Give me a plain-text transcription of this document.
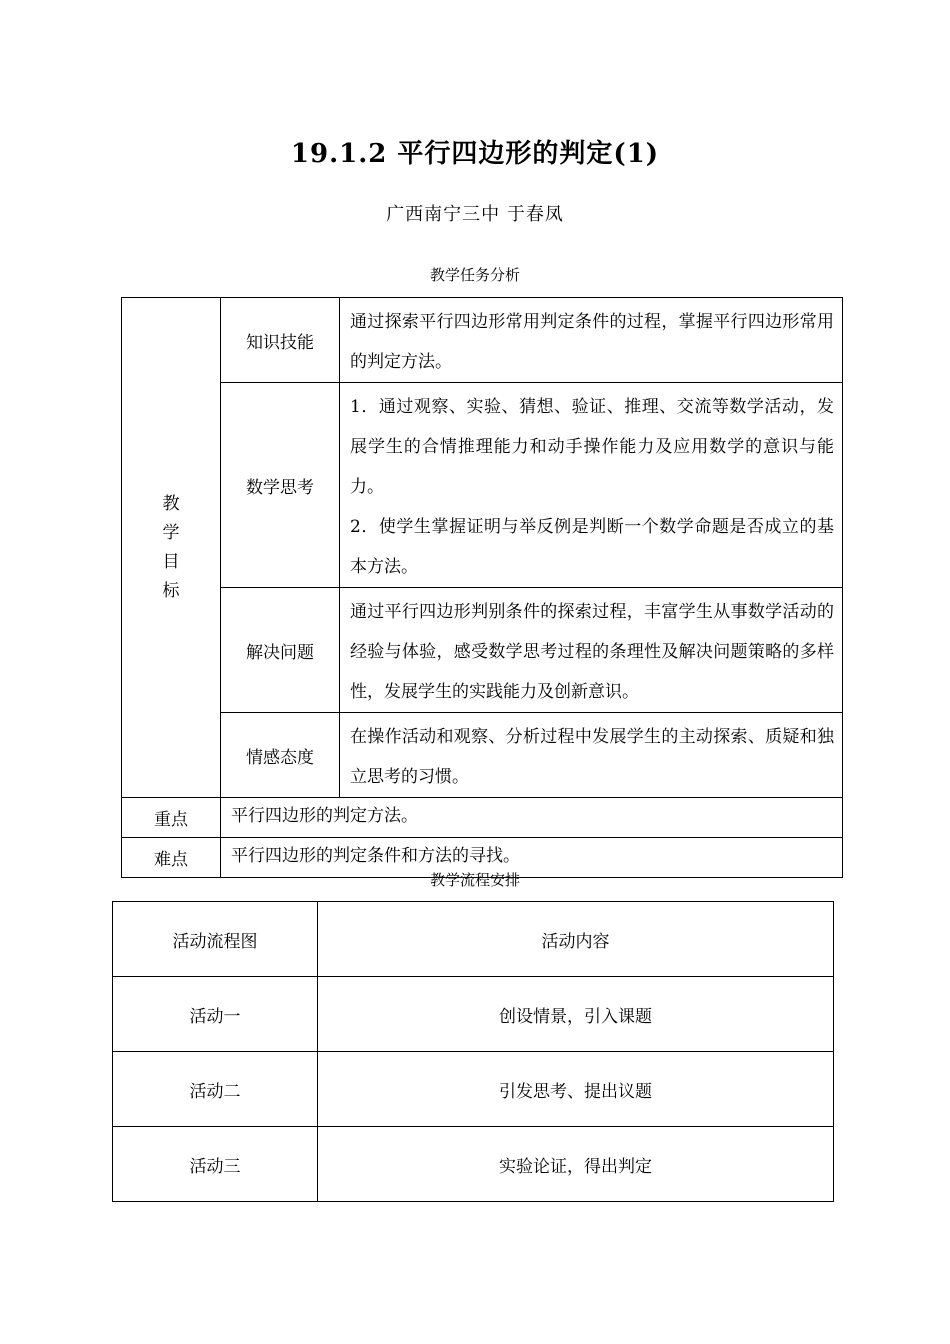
19.1.2 平行四边形的判定(1)
广西南宁三中 于春凤
教学任务分析
教
学
目
标	知识技能	通过探索平行四边形常用判定条件的过程，掌握平行四边形常用的判定方法。
	数学思考	1．通过观察、实验、猜想、验证、推理、交流等数学活动，发展学生的合情推理能力和动手操作能力及应用数学的意识与能力。
2．使学生掌握证明与举反例是判断一个数学命题是否成立的基本方法。

	解决问题	通过平行四边形判别条件的探索过程，丰富学生从事数学活动的经验与体验，感受数学思考过程的条理性及解决问题策略的多样性，发展学生的实践能力及创新意识。
	情感态度	在操作活动和观察、分析过程中发展学生的主动探索、质疑和独立思考的习惯。
重点	平行四边形的判定方法。	
难点	平行四边形的判定条件和方法的寻找。	
教学流程安排
活动流程图	活动内容
活动一	创设情景，引入课题
活动二	引发思考、提出议题
活动三	实验论证，得出判定
